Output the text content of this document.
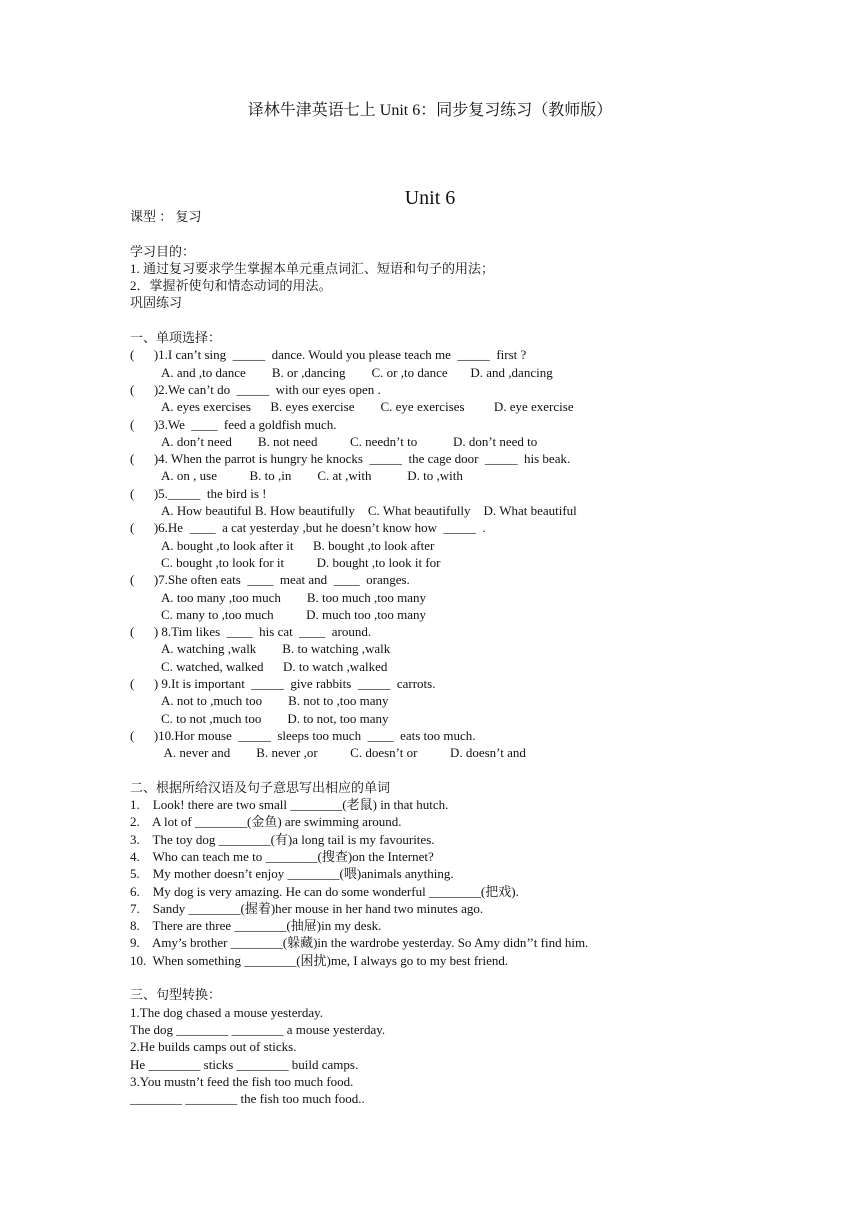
译林牛津英语七上 Unit 6：同步复习练习（教师版）
Unit 6
课型 ： 复习
学习目的：
1. 通过复习要求学生掌握本单元重点词汇、短语和句子的用法；
2．掌握祈使句和情态动词的用法。
巩固练习
一、单项选择：
(      )1.I can’t sing  _____  dance. Would you please teach me  _____  first ?
A. and ,to dance        B. or ,dancing        C. or ,to dance       D. and ,dancing
(      )2.We can’t do  _____  with our eyes open .
A. eyes exercises      B. eyes exercise        C. eye exercises         D. eye exercise
(      )3.We  ____  feed a goldfish much.
A. don’t need        B. not need          C. needn’t to           D. don’t need to
(      )4. When the parrot is hungry he knocks  _____  the cage door  _____  his beak.
A. on , use          B. to ,in        C. at ,with           D. to ,with
(      )5._____  the bird is !
A. How beautiful B. How beautifully    C. What beautifully    D. What beautiful
(      )6.He  ____  a cat yesterday ,but he doesn’t know how  _____  .
A. bought ,to look after it      B. bought ,to look after
C. bought ,to look for it          D. bought ,to look it for
(      )7.She often eats  ____  meat and  ____  oranges.
A. too many ,too much        B. too much ,too many
C. many to ,too much          D. much too ,too many
(      ) 8.Tim likes  ____  his cat  ____  around.
A. watching ,walk        B. to watching ,walk
C. watched, walked      D. to watch ,walked
(      ) 9.It is important  _____  give rabbits  _____  carrots.
A. not to ,much too        B. not to ,too many
C. to not ,much too        D. to not, too many
(      )10.Hor mouse  _____  sleeps too much  ____  eats too much.
A. never and        B. never ,or          C. doesn’t or          D. doesn’t and
二、根据所给汉语及句子意思写出相应的单词
1.    Look! there are two small ________(老鼠) in that hutch.
2.    A lot of ________(金鱼) are swimming around.
3.    The toy dog ________(有)a long tail is my favourites.
4.    Who can teach me to ________(搜查)on the Internet?
5.    My mother doesn’t enjoy ________(喂)animals anything.
6.    My dog is very amazing. He can do some wonderful ________(把戏).
7.    Sandy ________(握着)her mouse in her hand two minutes ago.
8.    There are three ________(抽屉)in my desk.
9.    Amy’s brother ________(躲藏)in the wardrobe yesterday. So Amy didn’’t find him.
10.  When something ________(困扰)me, I always go to my best friend.
三、句型转换：
1.The dog chased a mouse yesterday.
The dog ________ ________ a mouse yesterday.
2.He builds camps out of sticks.
He ________ sticks ________ build camps.
3.You mustn’t feed the fish too much food.
________ ________ the fish too much food..
